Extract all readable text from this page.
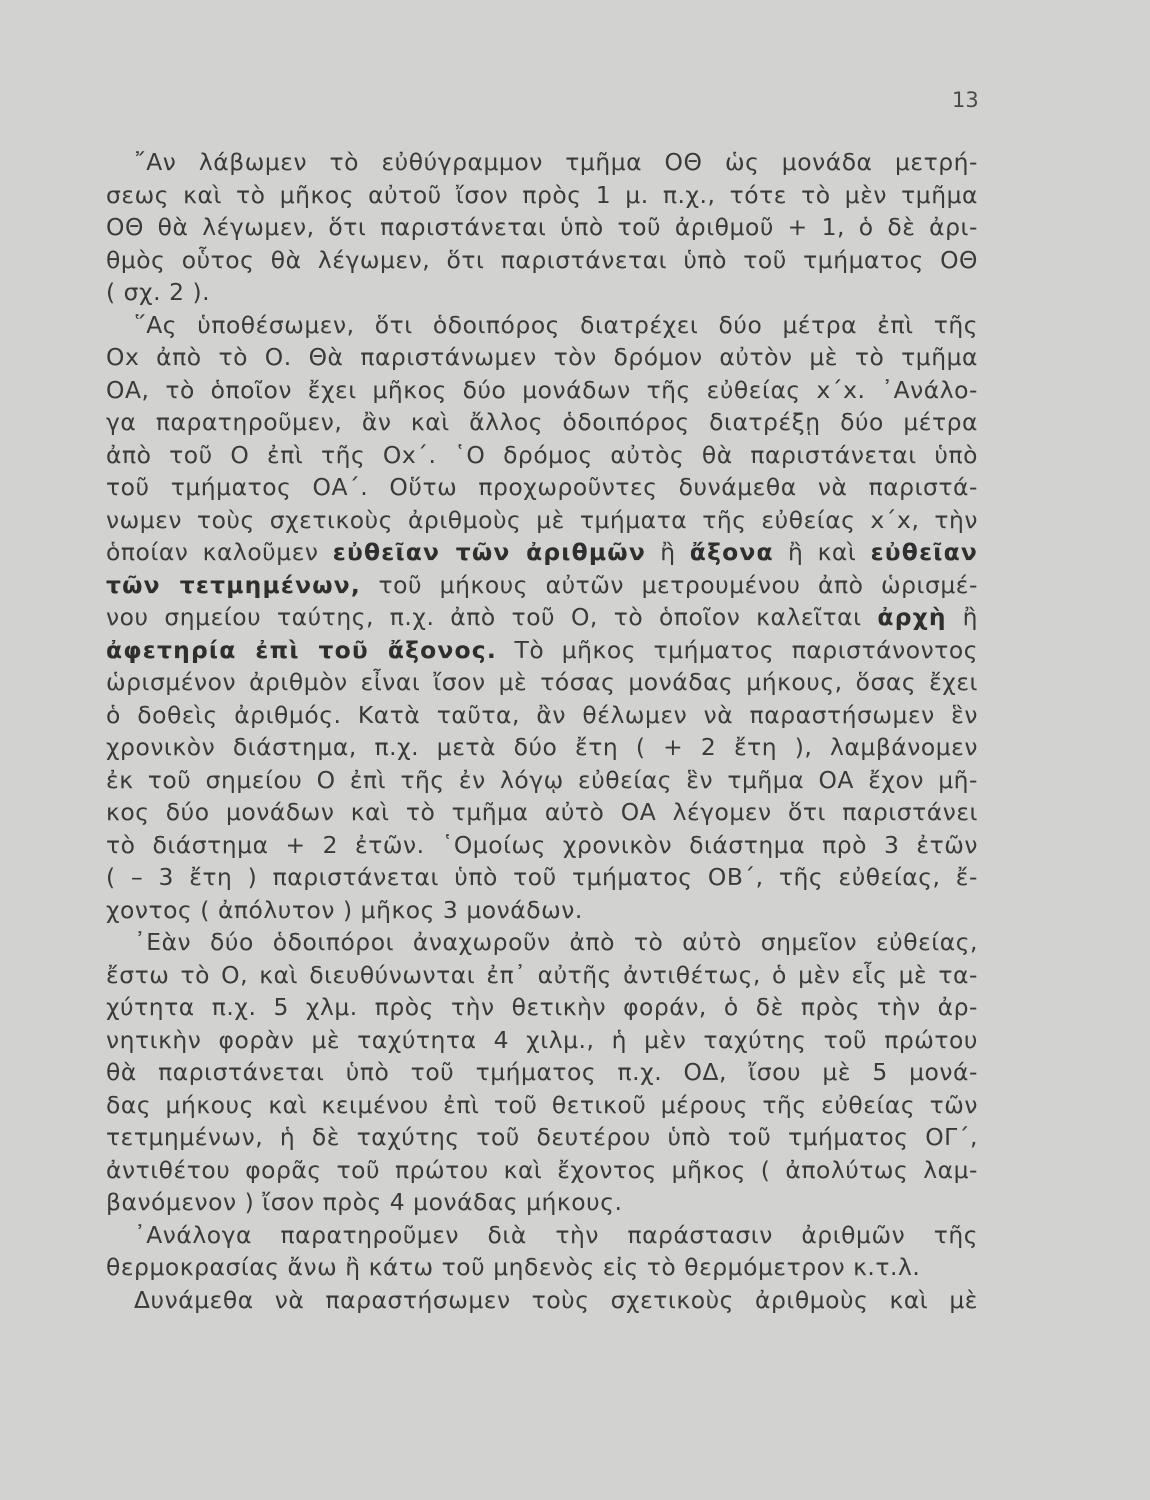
13
῎Αν λάβωμεν τὸ εὐθύγραμμον τμῆμα ΟΘ ὡς μονάδα μετρή-
σεως καὶ τὸ μῆκος αὐτοῦ ἴσον πρὸς 1 μ. π.χ., τότε τὸ μὲν τμῆμα
ΟΘ θὰ λέγωμεν, ὅτι παριστάνεται ὑπὸ τοῦ ἀριθμοῦ + 1, ὁ δὲ ἀρι-
θμὸς οὗτος θὰ λέγωμεν, ὅτι παριστάνεται ὑπὸ τοῦ τμήματος ΟΘ
( σχ. 2 ).
῞Ας ὑποθέσωμεν, ὅτι ὁδοιπόρος διατρέχει δύο μέτρα ἐπὶ τῆς
Οx ἀπὸ τὸ Ο. Θὰ παριστάνωμεν τὸν δρόμον αὐτὸν μὲ τὸ τμῆμα
ΟΑ, τὸ ὁποῖον ἔχει μῆκος δύο μονάδων τῆς εὐθείας x΄x. ᾿Ανάλο-
γα παρατηροῦμεν, ἂν καὶ ἄλλος ὁδοιπόρος διατρέξῃ δύο μέτρα
ἀπὸ τοῦ Ο ἐπὶ τῆς Οx΄. ῾Ο δρόμος αὐτὸς θὰ παριστάνεται ὑπὸ
τοῦ τμήματος ΟΑ΄. Οὕτω προχωροῦντες δυνάμεθα νὰ παριστά-
νωμεν τοὺς σχετικοὺς ἀριθμοὺς μὲ τμήματα τῆς εὐθείας x΄x, τὴν
ὁποίαν καλοῦμεν εὐθεῖαν τῶν ἀριθμῶν ἢ ἄξονα ἢ καὶ εὐθεῖαν
τῶν τετμημένων, τοῦ μήκους αὐτῶν μετρουμένου ἀπὸ ὡρισμέ-
νου σημείου ταύτης, π.χ. ἀπὸ τοῦ Ο, τὸ ὁποῖον καλεῖται ἀρχὴ ἢ
ἀφετηρία ἐπὶ τοῦ ἄξονος. Τὸ μῆκος τμήματος παριστάνοντος
ὡρισμένον ἀριθμὸν εἶναι ἴσον μὲ τόσας μονάδας μήκους, ὅσας ἔχει
ὁ δοθεὶς ἀριθμός. Κατὰ ταῦτα, ἂν θέλωμεν νὰ παραστήσωμεν ἓν
χρονικὸν διάστημα, π.χ. μετὰ δύο ἔτη ( + 2 ἔτη ), λαμβάνομεν
ἐκ τοῦ σημείου Ο ἐπὶ τῆς ἐν λόγῳ εὐθείας ἓν τμῆμα ΟΑ ἔχον μῆ-
κος δύο μονάδων καὶ τὸ τμῆμα αὐτὸ ΟΑ λέγομεν ὅτι παριστάνει
τὸ διάστημα + 2 ἐτῶν. ῾Ομοίως χρονικὸν διάστημα πρὸ 3 ἐτῶν
( – 3 ἔτη ) παριστάνεται ὑπὸ τοῦ τμήματος ΟΒ΄, τῆς εὐθείας, ἔ-
χοντος ( ἀπόλυτον ) μῆκος 3 μονάδων.
᾿Εὰν δύο ὁδοιπόροι ἀναχωροῦν ἀπὸ τὸ αὐτὸ σημεῖον εὐθείας,
ἔστω τὸ Ο, καὶ διευθύνωνται ἐπ᾿ αὐτῆς ἀντιθέτως, ὁ μὲν εἷς μὲ τα-
χύτητα π.χ. 5 χλμ. πρὸς τὴν θετικὴν φοράν, ὁ δὲ πρὸς τὴν ἀρ-
νητικὴν φορὰν μὲ ταχύτητα 4 χιλμ., ἡ μὲν ταχύτης τοῦ πρώτου
θὰ παριστάνεται ὑπὸ τοῦ τμήματος π.χ. ΟΔ, ἴσου μὲ 5 μονά-
δας μήκους καὶ κειμένου ἐπὶ τοῦ θετικοῦ μέρους τῆς εὐθείας τῶν
τετμημένων, ἡ δὲ ταχύτης τοῦ δευτέρου ὑπὸ τοῦ τμήματος ΟΓ΄,
ἀντιθέτου φορᾶς τοῦ πρώτου καὶ ἔχοντος μῆκος ( ἀπολύτως λαμ-
βανόμενον ) ἴσον πρὸς 4 μονάδας μήκους.
᾿Ανάλογα παρατηροῦμεν διὰ τὴν παράστασιν ἀριθμῶν τῆς
θερμοκρασίας ἄνω ἢ κάτω τοῦ μηδενὸς εἰς τὸ θερμόμετρον κ.τ.λ.
Δυνάμεθα νὰ παραστήσωμεν τοὺς σχετικοὺς ἀριθμοὺς καὶ μὲ
